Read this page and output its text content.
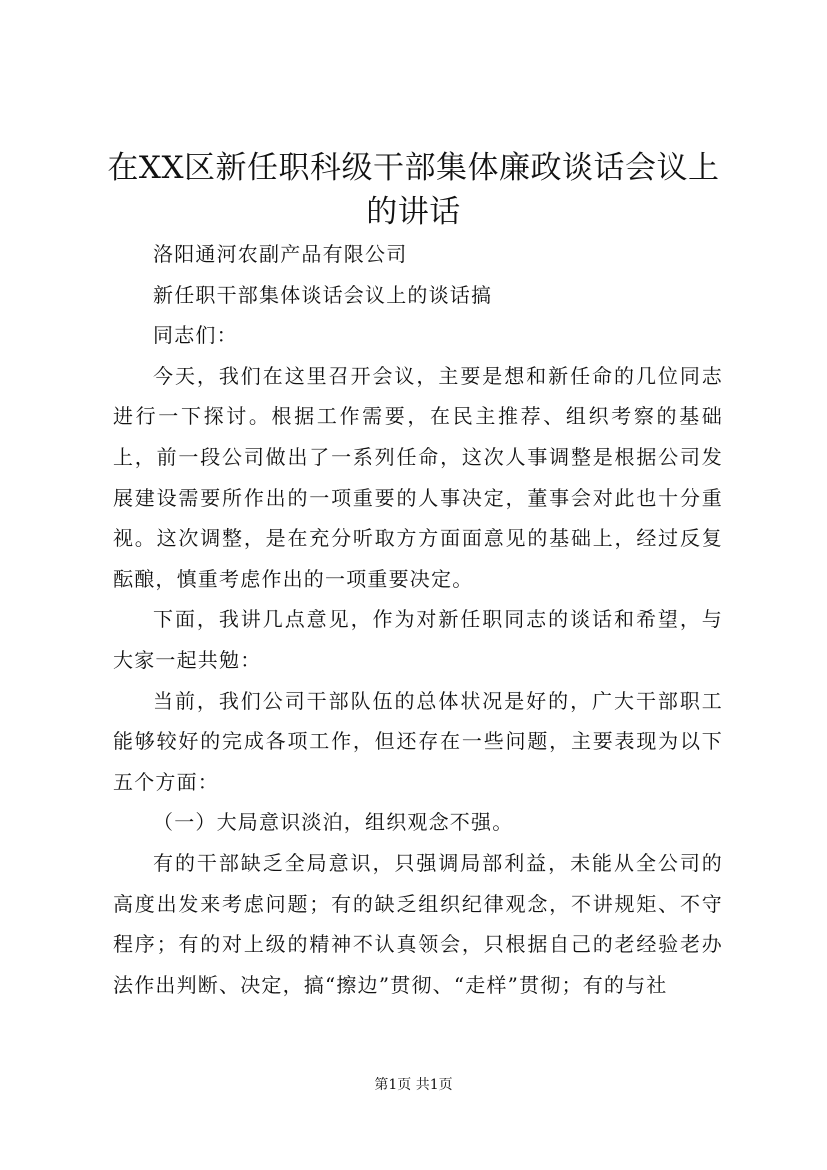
在XX区新任职科级干部集体廉政谈话会议上的讲话

洛阳通河农副产品有限公司

新任职干部集体谈话会议上的谈话搞

同志们：

今天，我们在这里召开会议，主要是想和新任命的几位同志进行一下探讨。根据工作需要，在民主推荐、组织考察的基础上，前一段公司做出了一系列任命，这次人事调整是根据公司发展建设需要所作出的一项重要的人事决定，董事会对此也十分重视。这次调整，是在充分听取方方面面意见的基础上，经过反复酝酿，慎重考虑作出的一项重要决定。

下面，我讲几点意见，作为对新任职同志的谈话和希望，与大家一起共勉：

当前，我们公司干部队伍的总体状况是好的，广大干部职工能够较好的完成各项工作，但还存在一些问题，主要表现为以下五个方面：

（一）大局意识淡泊，组织观念不强。

有的干部缺乏全局意识，只强调局部利益，未能从全公司的高度出发来考虑问题；有的缺乏组织纪律观念，不讲规矩、不守程序；有的对上级的精神不认真领会，只根据自己的老经验老办法作出判断、决定，搞“擦边”贯彻、“走样”贯彻；有的与社

第1页 共1页
